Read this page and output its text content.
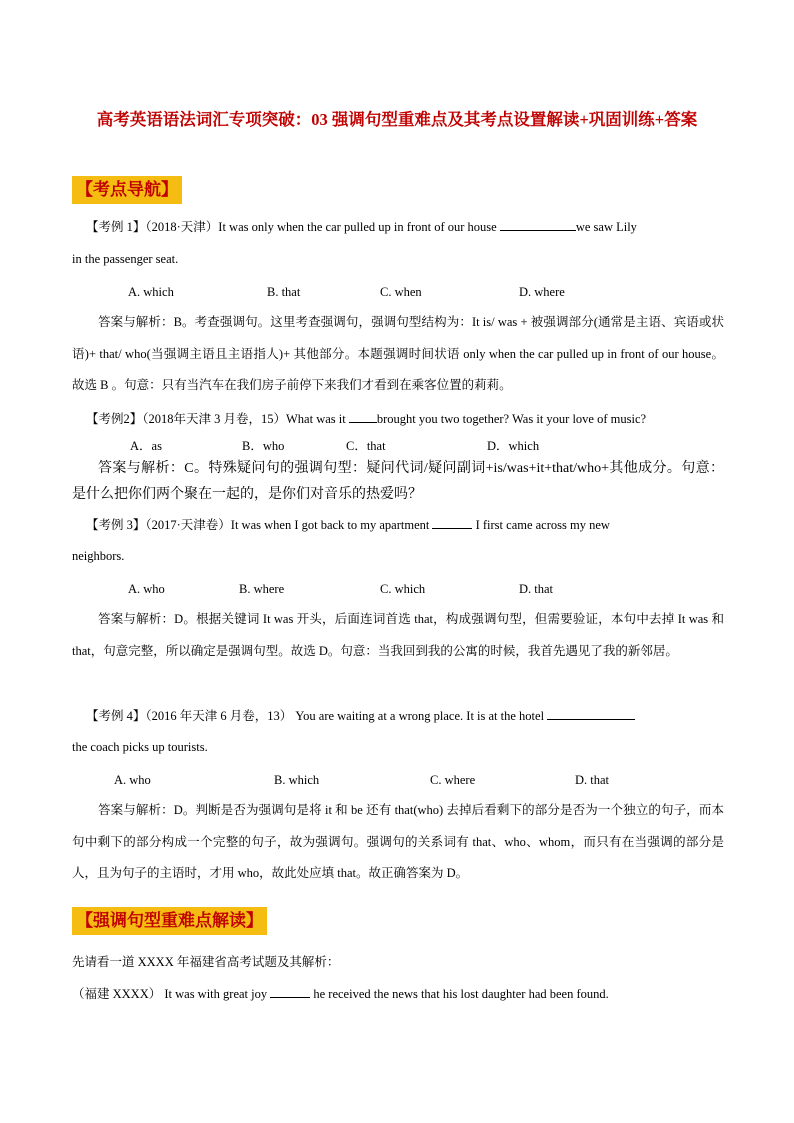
高考英语语法词汇专项突破：03 强调句型重难点及其考点设置解读+巩固训练+答案
【考点导航】
【考例 1】（2018·天津）It was only when the car pulled up in front of our house	we saw Lily
in the passenger seat.
A. which	B. that	C. when	D. where
答案与解析：B。考查强调句。这里考查强调句，强调句型结构为：It is/ was + 被强调部分(通常是主语、宾语或状语)+ that/ who(当强调主语且主语指人)+ 其他部分。本题强调时间状语 only when the car pulled up in front of our house。故选 B 。句意：只有当汽车在我们房子前停下来我们才看到在乘客位置的莉莉。
【考例2】（2018年天津 3 月卷，15）What was it brought you two together? Was it your love of music?
A．as	B．who	C．that	D．which
答案与解析：C。特殊疑问句的强调句型：疑问代词/疑问副词+is/was+it+that/who+其他成分。句意：是什么把你们两个聚在一起的，是你们对音乐的热爱吗？
【考例 3】（2017·天津卷）It was when I got back to my apartment	I first came across my new
neighbors.
A. who	B. where	C. which	D. that
答案与解析：D。根据关键词 It was 开头，后面连词首选 that，构成强调句型，但需要验证，本句中去掉 It was 和 that，句意完整，所以确定是强调句型。故选 D。句意：当我回到我的公寓的时候，我首先遇见了我的新邻居。
【考例 4】（2016 年天津 6 月卷，13） You are waiting at a wrong place. It is at the hotel
the coach picks up tourists.
A. who	B. which	C. where	D. that
答案与解析：D。判断是否为强调句是将 it 和 be 还有 that(who) 去掉后看剩下的部分是否为一个独立的句子，而本句中剩下的部分构成一个完整的句子，故为强调句。强调句的关系词有 that、who、whom，而只有在当强调的部分是人，且为句子的主语时，才用 who，故此处应填 that。故正确答案为 D。
【强调句型重难点解读】
先请看一道 XXXX 年福建省高考试题及其解析：
（福建 XXXX） It was with great joy	he received the news that his lost daughter had been found.
